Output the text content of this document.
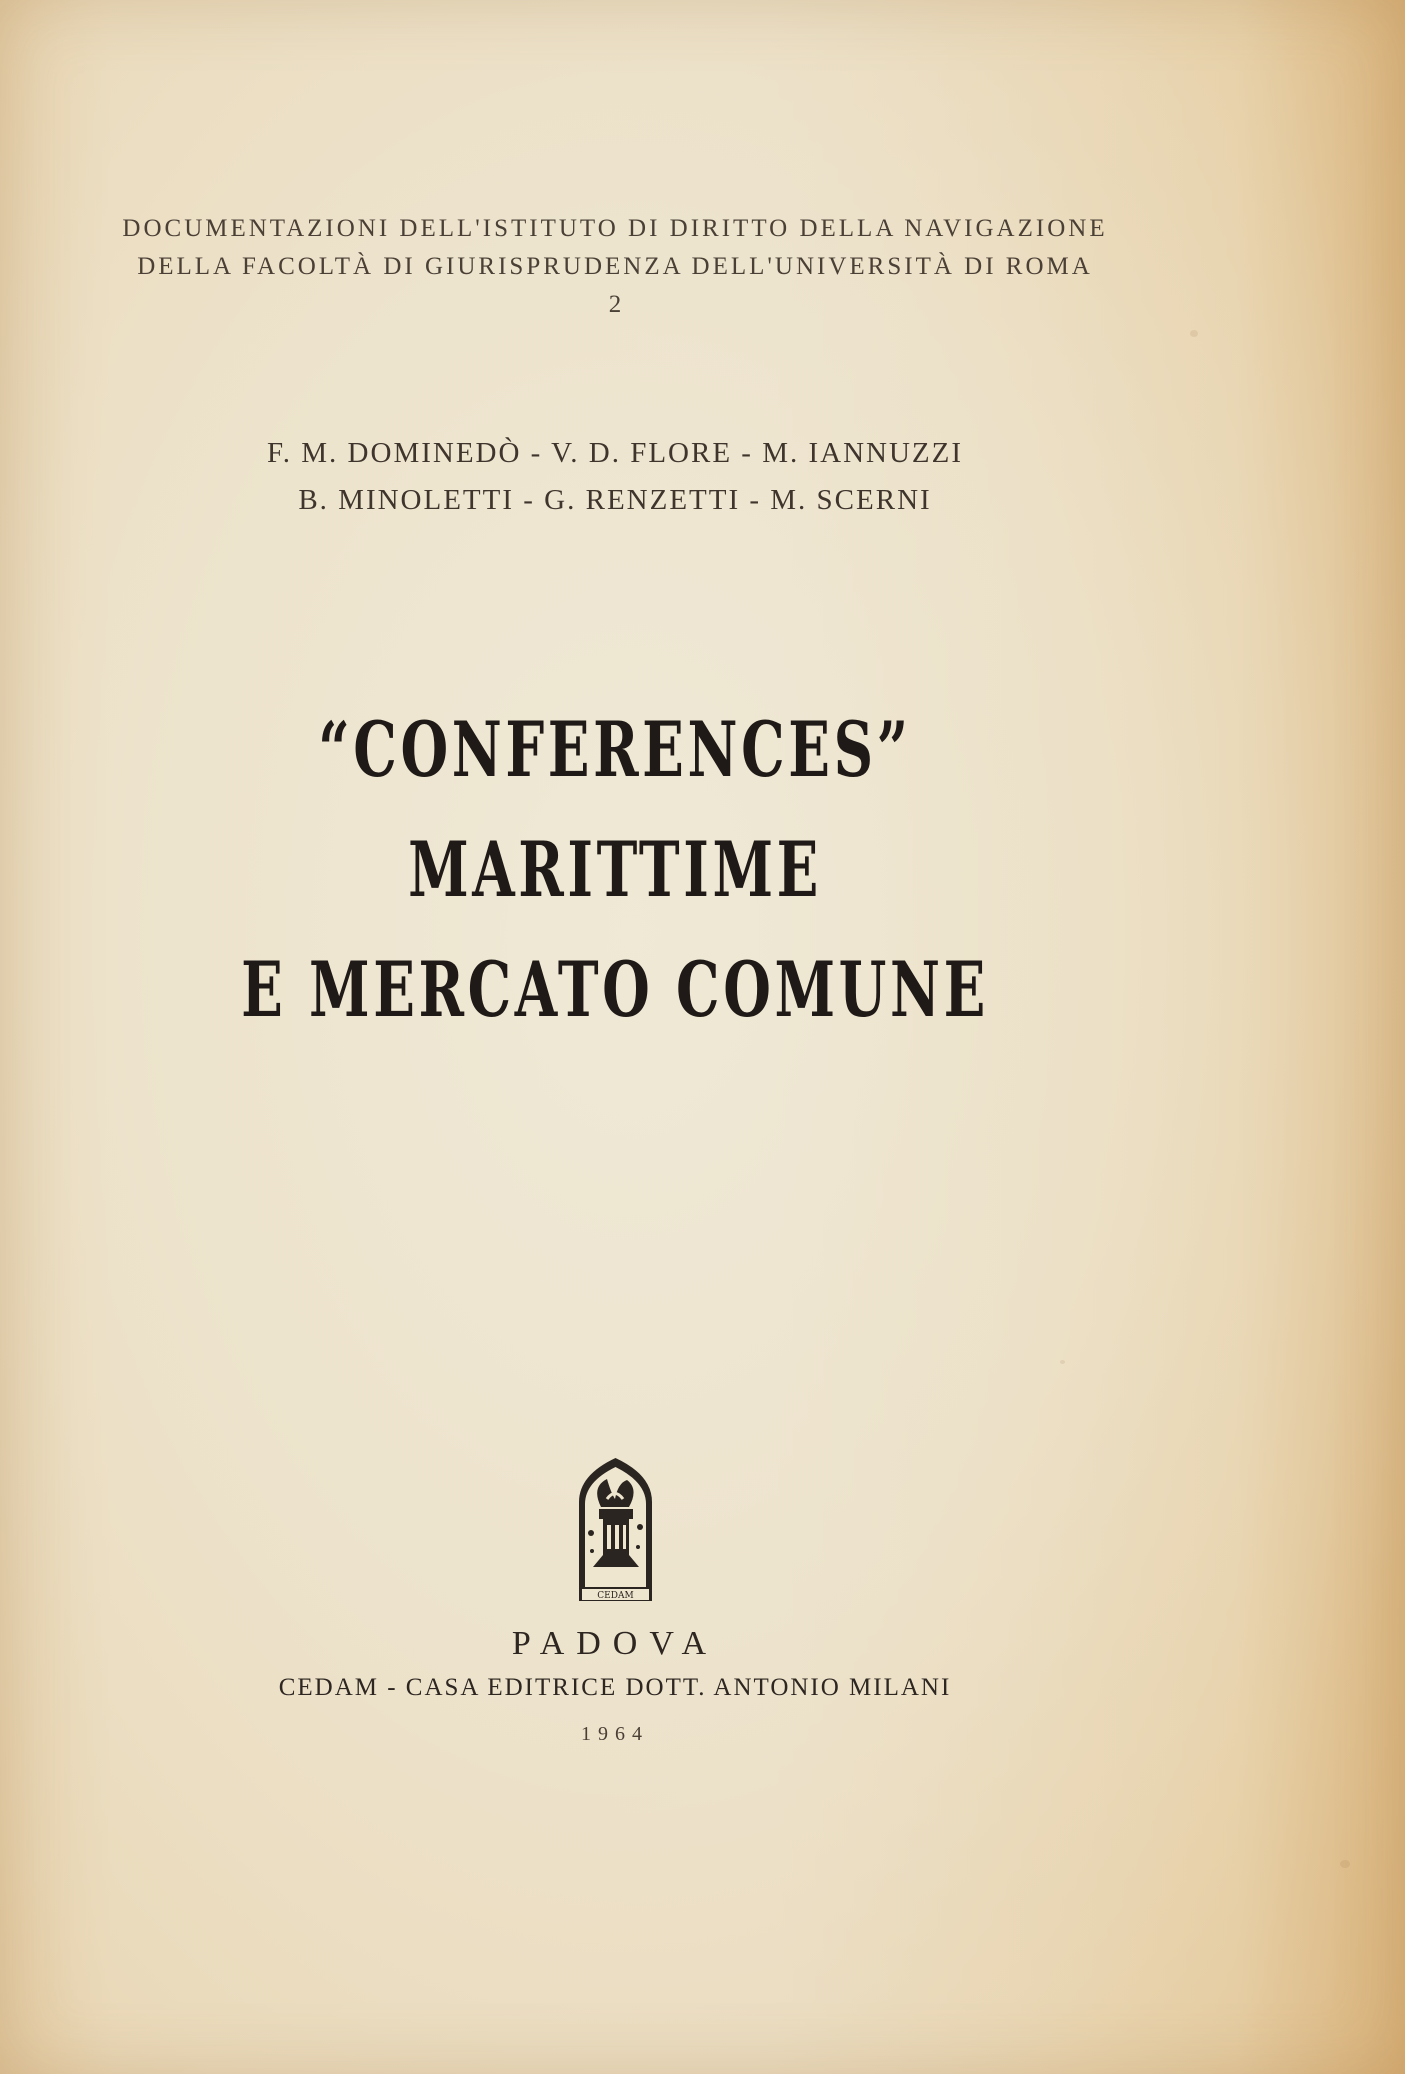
DOCUMENTAZIONI DELL'ISTITUTO DI DIRITTO DELLA NAVIGAZIONE
DELLA FACOLTÀ DI GIURISPRUDENZA DELL'UNIVERSITÀ DI ROMA
2
F. M. DOMINEDÒ - V. D. FLORE - M. IANNUZZI
B. MINOLETTI - G. RENZETTI - M. SCERNI
“CONFERENCES” MARITTIME
E MERCATO COMUNE
CEDAM
PADOVA
CEDAM - CASA EDITRICE DOTT. ANTONIO MILANI
1964
